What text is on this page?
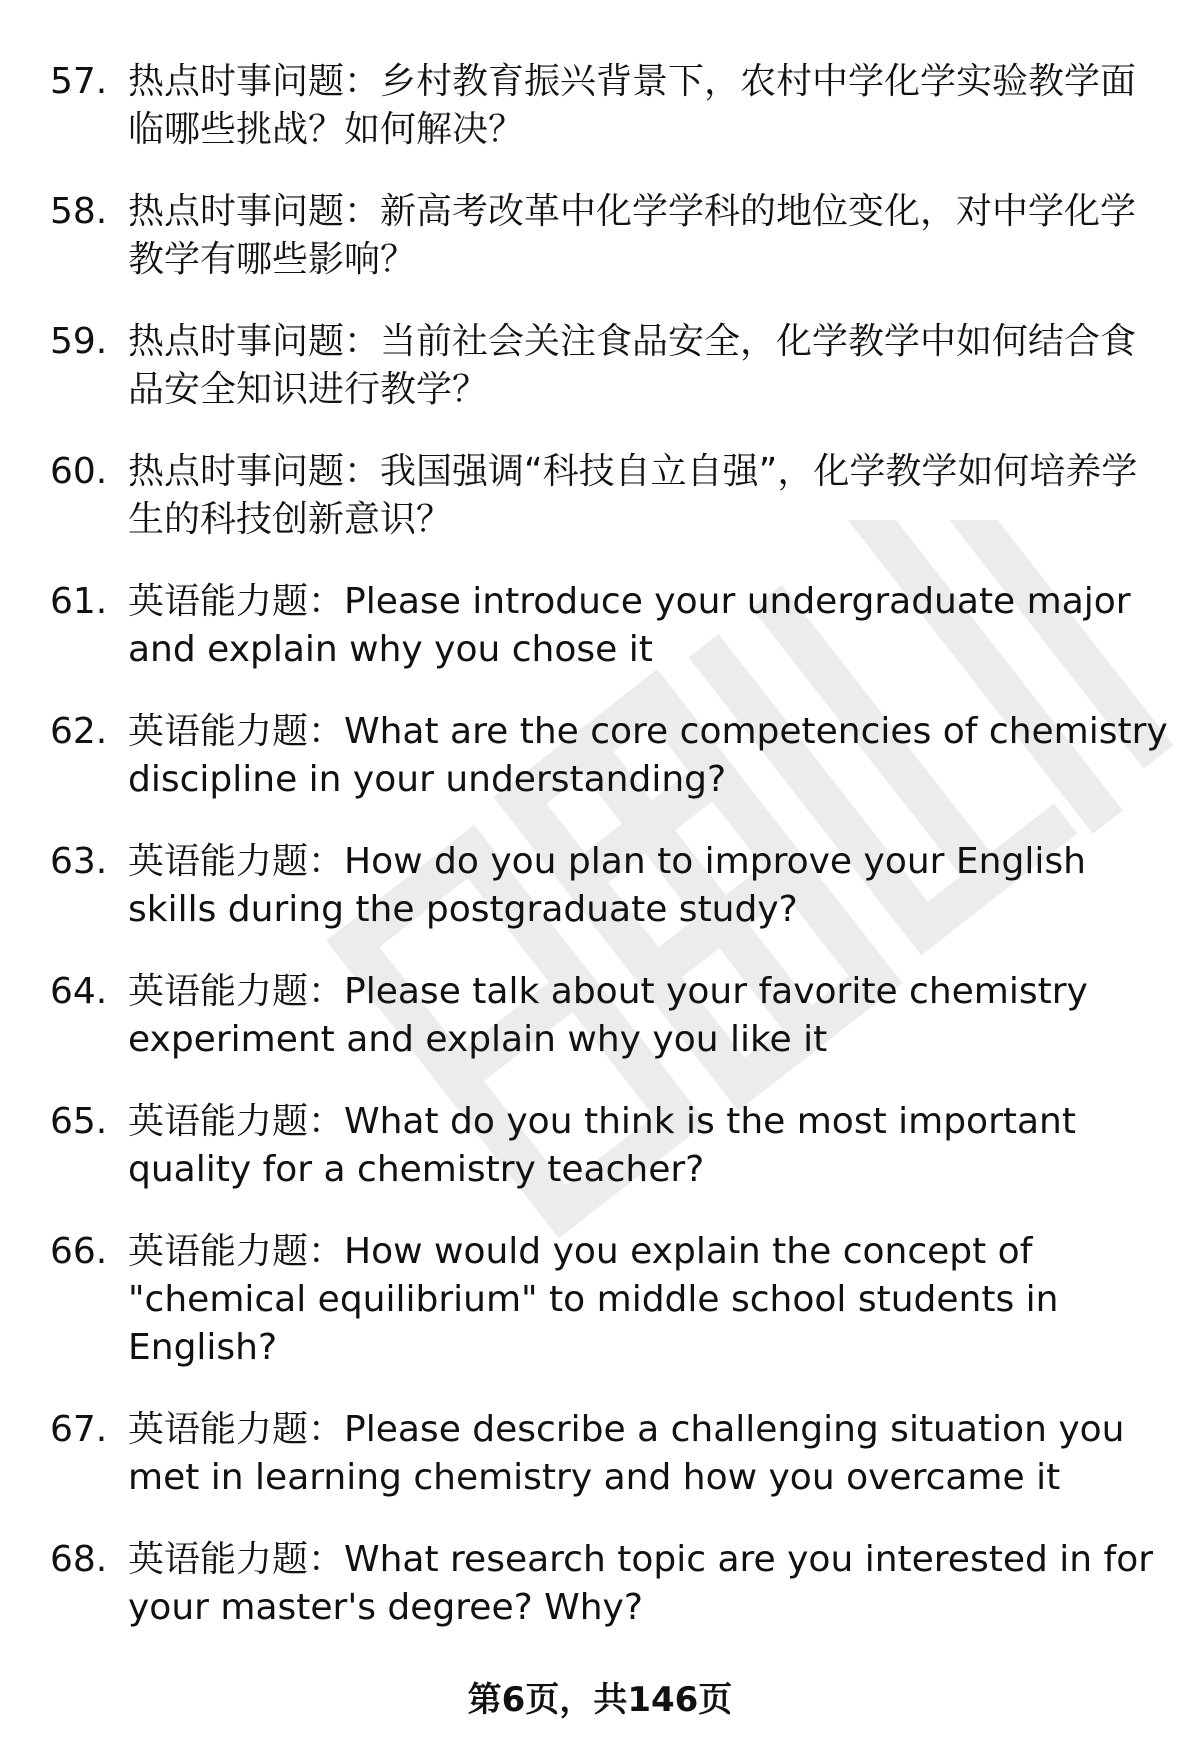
57. 热点时事问题：乡村教育振兴背景下，农村中学化学实验教学面临哪些挑战？如何解决？
58. 热点时事问题：新高考改革中化学学科的地位变化，对中学化学教学有哪些影响？
59. 热点时事问题：当前社会关注食品安全，化学教学中如何结合食品安全知识进行教学？
60. 热点时事问题：我国强调“科技自立自强”，化学教学如何培养学生的科技创新意识？
61. 英语能力题：Please introduce your undergraduate major and explain why you chose it
62. 英语能力题：What are the core competencies of chemistry discipline in your understanding?
63. 英语能力题：How do you plan to improve your English skills during the postgraduate study?
64. 英语能力题：Please talk about your favorite chemistry experiment and explain why you like it
65. 英语能力题：What do you think is the most important quality for a chemistry teacher?
66. 英语能力题：How would you explain the concept of "chemical equilibrium" to middle school students in English?
67. 英语能力题：Please describe a challenging situation you met in learning chemistry and how you overcame it
68. 英语能力题：What research topic are you interested in for your master's degree? Why?
第6页，共146页
